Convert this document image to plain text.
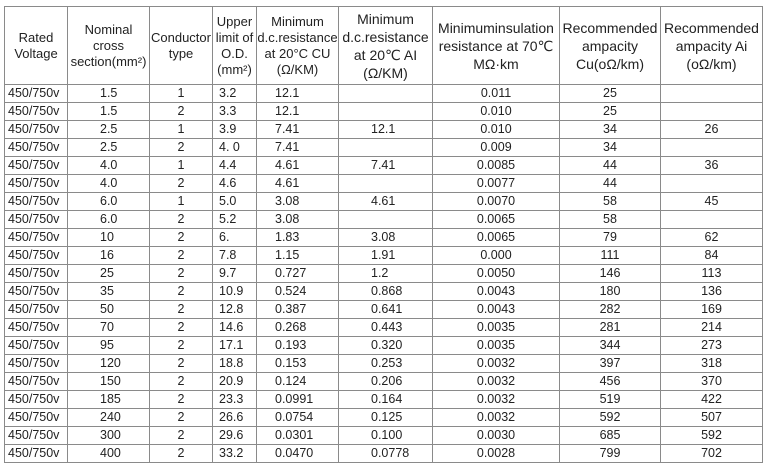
Rated Voltage	Nominal cross section(mm²)	Conductor type	Upper limit of O.D. (mm²)	Minimum d.c.resistance at 20°C CU (Ω/KM)	Minimum d.c.resistance at 20℃ AI (Ω/KM)	Minimuminsulation resistance at 70℃ MΩ·km	Recommended ampacity Cu(oΩ/km)	Recommended ampacity Ai (oΩ/km)
450/750v	1.5	1	3.2	12.1		0.011	25	
450/750v	1.5	2	3.3	12.1		0.010	25	
450/750v	2.5	1	3.9	7.41	12.1	0.010	34	26
450/750v	2.5	2	4. 0	7.41		0.009	34	
450/750v	4.0	1	4.4	4.61	7.41	0.0085	44	36
450/750v	4.0	2	4.6	4.61		0.0077	44	
450/750v	6.0	1	5.0	3.08	4.61	0.0070	58	45
450/750v	6.0	2	5.2	3.08		0.0065	58	
450/750v	10	2	6.	1.83	3.08	0.0065	79	62
450/750v	16	2	7.8	1.15	1.91	0.000	111	84
450/750v	25	2	9.7	0.727	1.2	0.0050	146	113
450/750v	35	2	10.9	0.524	0.868	0.0043	180	136
450/750v	50	2	12.8	0.387	0.641	0.0043	282	169
450/750v	70	2	14.6	0.268	0.443	0.0035	281	214
450/750v	95	2	17.1	0.193	0.320	0.0035	344	273
450/750v	120	2	18.8	0.153	0.253	0.0032	397	318
450/750v	150	2	20.9	0.124	0.206	0.0032	456	370
450/750v	185	2	23.3	0.0991	0.164	0.0032	519	422
450/750v	240	2	26.6	0.0754	0.125	0.0032	592	507
450/750v	300	2	29.6	0.0301	0.100	0.0030	685	592
450/750v	400	2	33.2	0.0470	0.0778	0.0028	799	702
